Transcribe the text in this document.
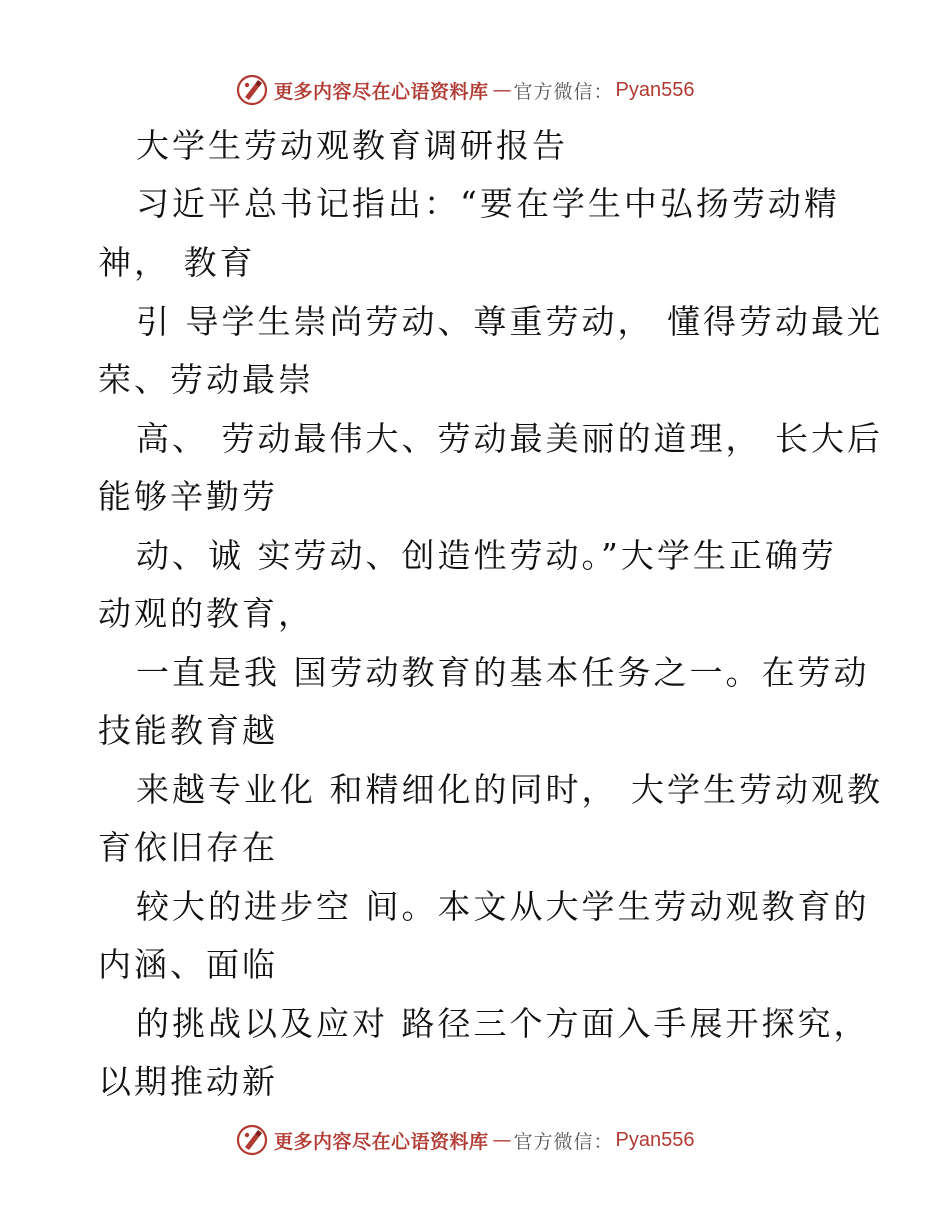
更多内容尽在心语资料库 — 官方微信： Pyan556
大学生劳动观教育调研报告
习近平总书记指出：“要在学生中弘扬劳动精
神， 教育
引 导学生崇尚劳动、尊重劳动， 懂得劳动最光
荣、劳动最崇
高、 劳动最伟大、劳动最美丽的道理， 长大后
能够辛勤劳
动、诚 实劳动、创造性劳动。”大学生正确劳
动观的教育，
一直是我 国劳动教育的基本任务之一。在劳动
技能教育越
来越专业化 和精细化的同时， 大学生劳动观教
育依旧存在
较大的进步空 间。本文从大学生劳动观教育的
内涵、面临
的挑战以及应对 路径三个方面入手展开探究，
以期推动新
更多内容尽在心语资料库 — 官方微信： Pyan556
